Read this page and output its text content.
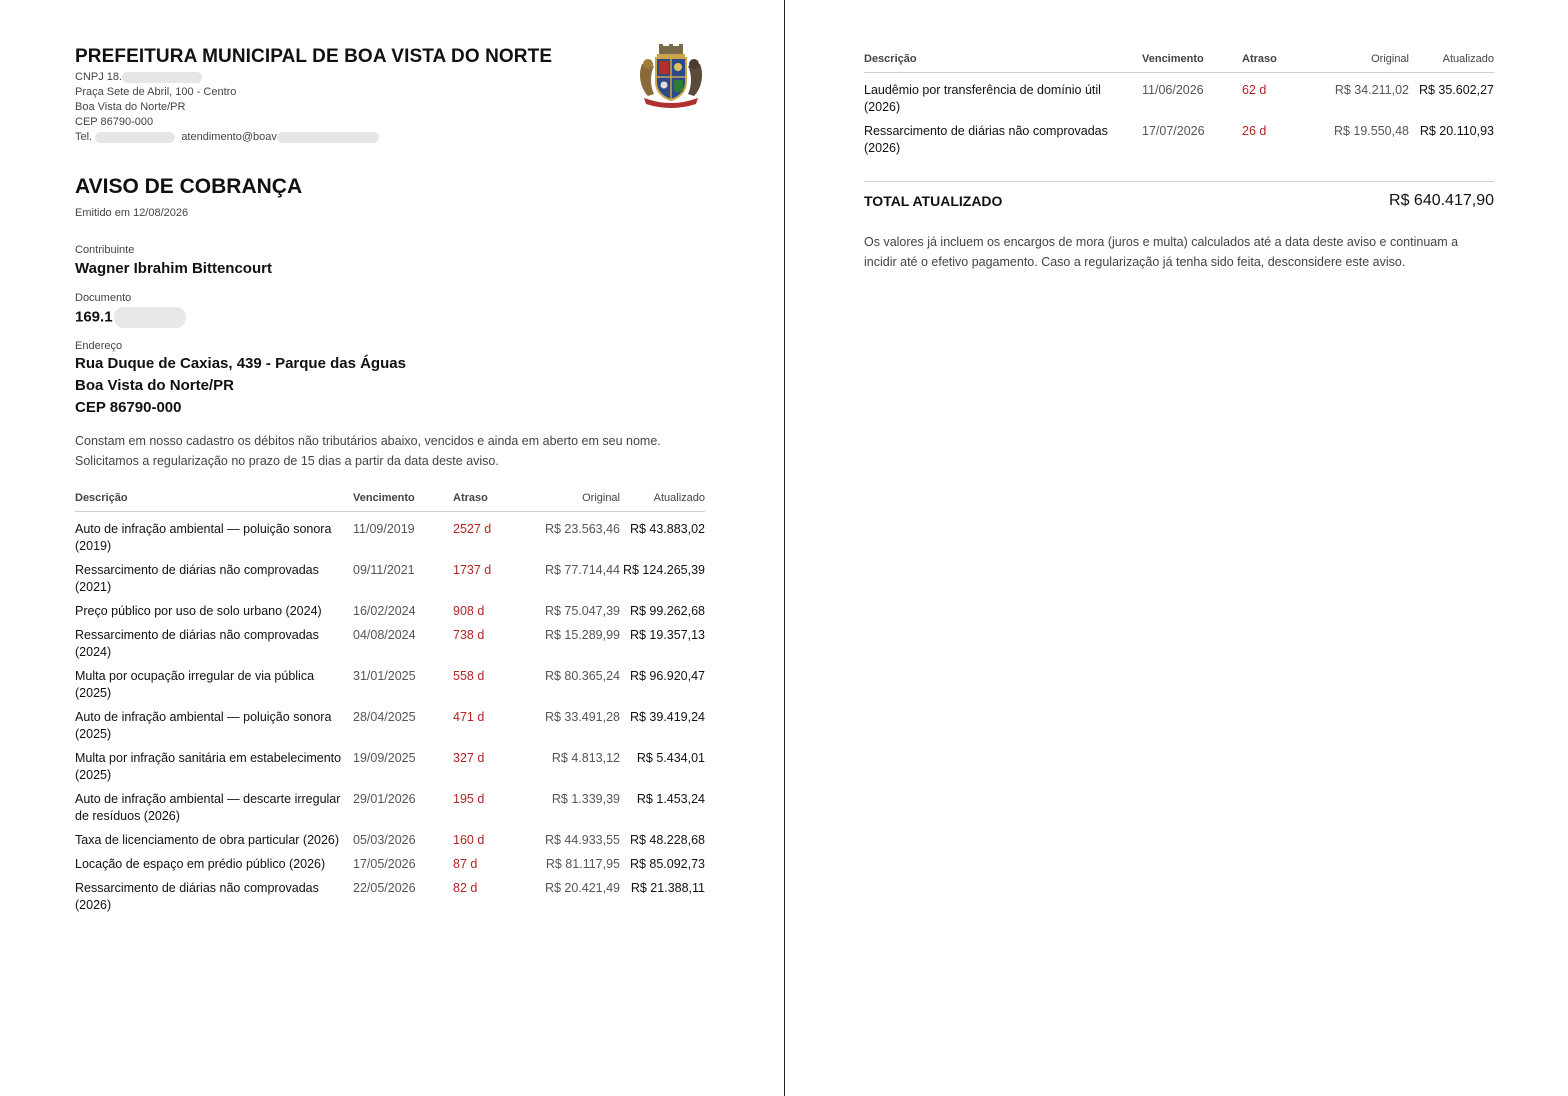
PREFEITURA MUNICIPAL DE BOA VISTA DO NORTE
CNPJ 18.
Praça Sete de Abril, 100 - Centro
Boa Vista do Norte/PR
CEP 86790-000
Tel.	atendimento@boav
AVISO DE COBRANÇA
Emitido em 12/08/2026
Contribuinte
Wagner Ibrahim Bittencourt
Documento
169.1
Endereço
Rua Duque de Caxias, 439 - Parque das Águas
Boa Vista do Norte/PR
CEP 86790-000
Constam em nosso cadastro os débitos não tributários abaixo, vencidos e ainda em aberto em seu nome.
Solicitamos a regularização no prazo de 15 dias a partir da data deste aviso.
Descrição	Vencimento	Atraso	Original	Atualizado
Auto de infração ambiental — poluição sonora (2019)	11/09/2019	2527 d	R$ 23.563,46	R$ 43.883,02
Ressarcimento de diárias não comprovadas (2021)	09/11/2021	1737 d	R$ 77.714,44	R$ 124.265,39
Preço público por uso de solo urbano (2024)	16/02/2024	908 d	R$ 75.047,39	R$ 99.262,68
Ressarcimento de diárias não comprovadas (2024)	04/08/2024	738 d	R$ 15.289,99	R$ 19.357,13
Multa por ocupação irregular de via pública (2025)	31/01/2025	558 d	R$ 80.365,24	R$ 96.920,47
Auto de infração ambiental — poluição sonora (2025)	28/04/2025	471 d	R$ 33.491,28	R$ 39.419,24
Multa por infração sanitária em estabelecimento (2025)	19/09/2025	327 d	R$ 4.813,12	R$ 5.434,01
Auto de infração ambiental — descarte irregular de resíduos (2026)	29/01/2026	195 d	R$ 1.339,39	R$ 1.453,24
Taxa de licenciamento de obra particular (2026)	05/03/2026	160 d	R$ 44.933,55	R$ 48.228,68
Locação de espaço em prédio público (2026)	17/05/2026	87 d	R$ 81.117,95	R$ 85.092,73
Ressarcimento de diárias não comprovadas (2026)	22/05/2026	82 d	R$ 20.421,49	R$ 21.388,11
Descrição	Vencimento	Atraso	Original	Atualizado
Laudêmio por transferência de domínio útil (2026)	11/06/2026	62 d	R$ 34.211,02	R$ 35.602,27
Ressarcimento de diárias não comprovadas (2026)	17/07/2026	26 d	R$ 19.550,48	R$ 20.110,93
TOTAL ATUALIZADO	R$ 640.417,90
Os valores já incluem os encargos de mora (juros e multa) calculados até a data deste aviso e continuam a
incidir até o efetivo pagamento. Caso a regularização já tenha sido feita, desconsidere este aviso.
